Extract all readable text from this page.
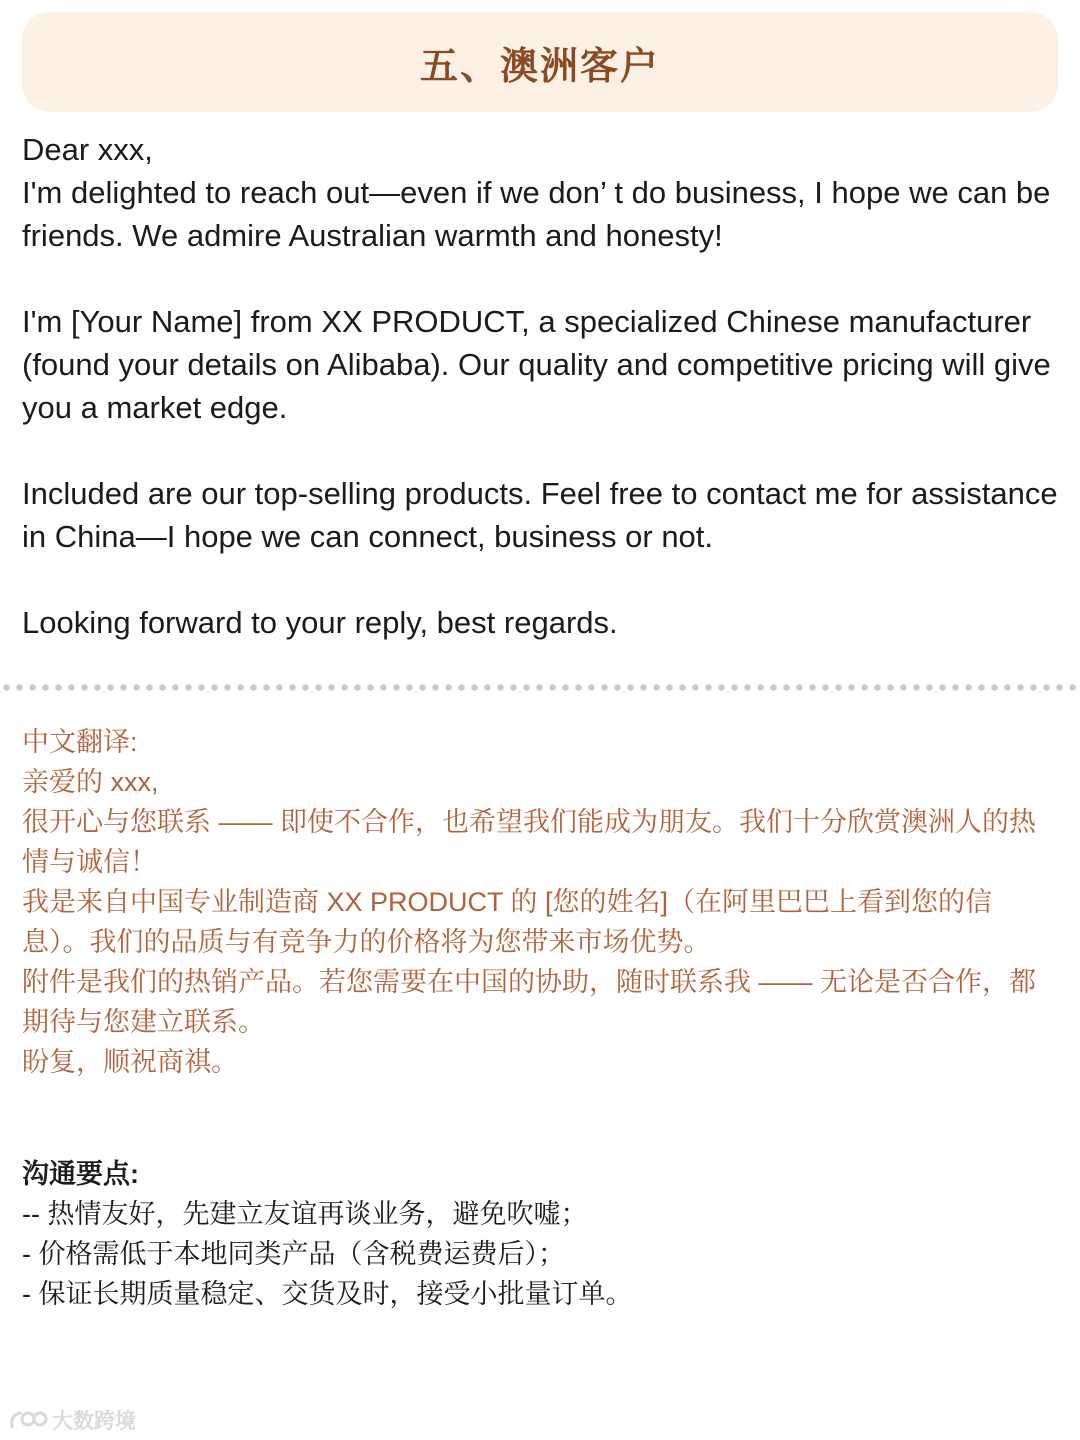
五、澳洲客户

Dear xxx,

I'm delighted to reach out—even if we don’ t do business, I hope we can be friends. We admire Australian warmth and honesty!

I'm [Your Name] from XX PRODUCT, a specialized Chinese manufacturer (found your details on Alibaba). Our quality and competitive pricing will give you a market edge.

Included are our top-selling products. Feel free to contact me for assistance in China—I hope we can connect, business or not.

Looking forward to your reply, best regards.

中文翻译:

亲爱的 xxx,

很开心与您联系 —— 即使不合作，也希望我们能成为朋友。我们十分欣赏澳洲人的热情与诚信！

我是来自中国专业制造商 XX PRODUCT 的 [您的姓名]（在阿里巴巴上看到您的信息）。我们的品质与有竞争力的价格将为您带来市场优势。

附件是我们的热销产品。若您需要在中国的协助，随时联系我 —— 无论是否合作，都期待与您建立联系。

盼复，顺祝商祺。

沟通要点:

-- 热情友好，先建立友谊再谈业务，避免吹嘘；

- 价格需低于本地同类产品（含税费运费后）；

- 保证长期质量稳定、交货及时，接受小批量订单。

大数跨境
